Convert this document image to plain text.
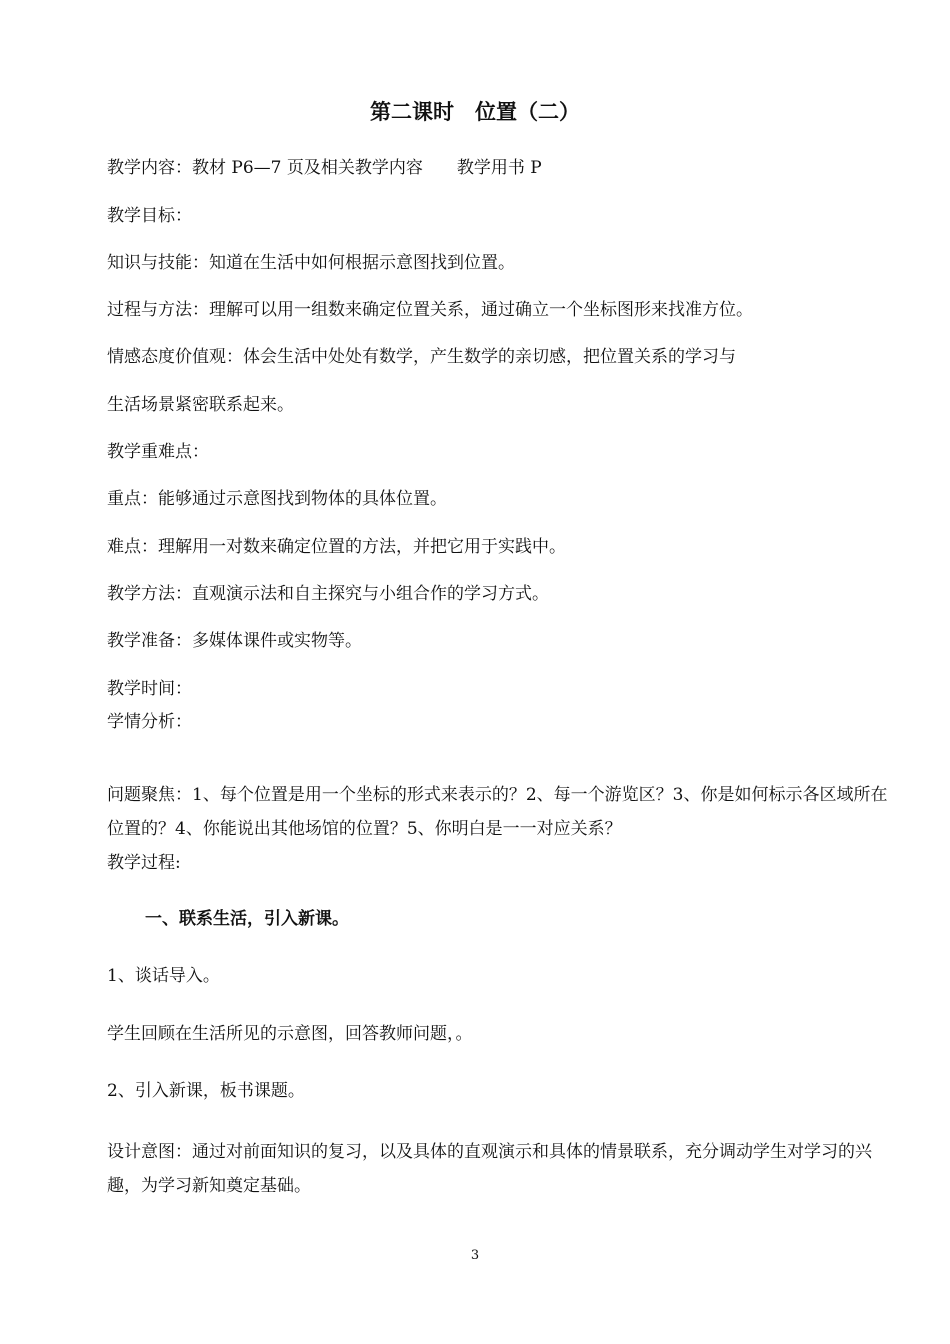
第二课时　位置（二）
教学内容：教材 P6—7 页及相关教学内容　　教学用书 P
教学目标：
知识与技能：知道在生活中如何根据示意图找到位置。
过程与方法：理解可以用一组数来确定位置关系，通过确立一个坐标图形来找准方位。
情感态度价值观：体会生活中处处有数学，产生数学的亲切感，把位置关系的学习与
生活场景紧密联系起来。
教学重难点：
重点：能够通过示意图找到物体的具体位置。
难点：理解用一对数来确定位置的方法，并把它用于实践中。
教学方法：直观演示法和自主探究与小组合作的学习方式。
教学准备：多媒体课件或实物等。
教学时间：
学情分析：

问题聚焦：1、每个位置是用一个坐标的形式来表示的？2、每一个游览区？3、你是如何标示各区域所在位置的？4、你能说出其他场馆的位置？5、你明白是一一对应关系？

教学过程:
一、联系生活，引入新课。
1、谈话导入。
学生回顾在生活所见的示意图，回答教师问题，。
2、引入新课，板书课题。

设计意图：通过对前面知识的复习，以及具体的直观演示和具体的情景联系，充分调动学生对学习的兴趣，为学习新知奠定基础。

3
